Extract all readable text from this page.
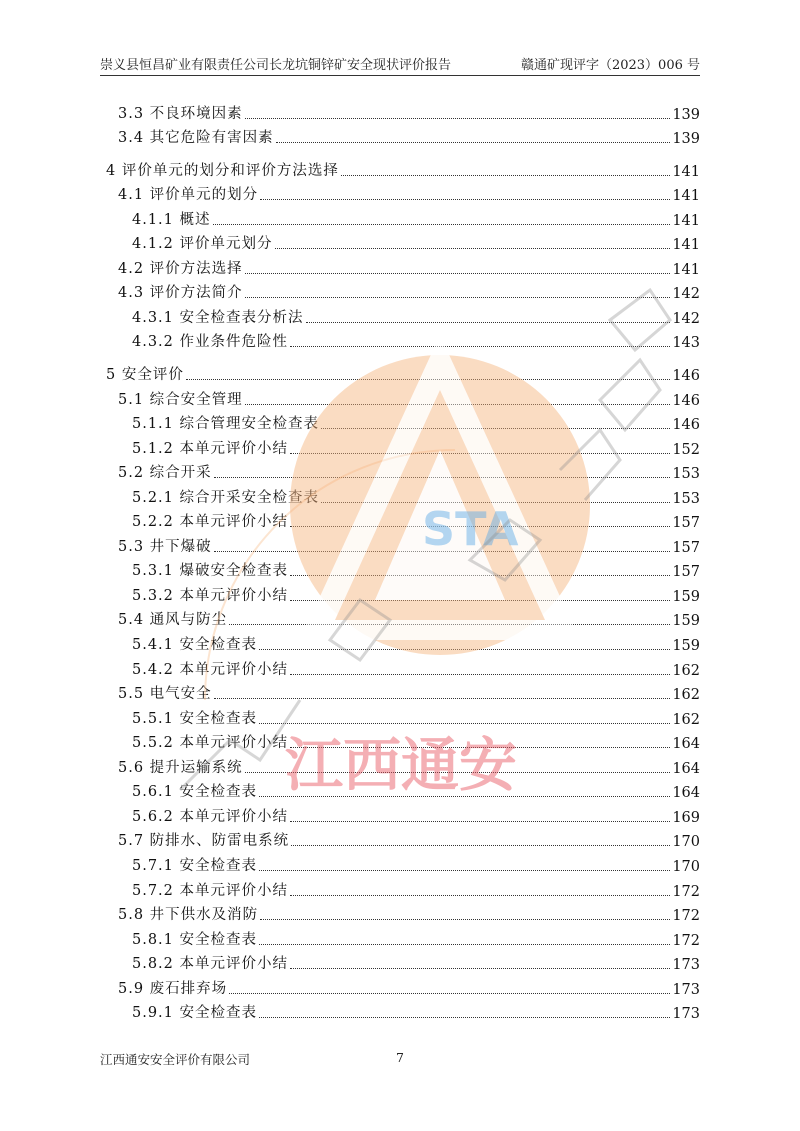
崇义县恒昌矿业有限责任公司长龙坑铜锌矿安全现状评价报告	赣通矿现评字（2023）006 号
3.3 不良环境因素	139
3.4 其它危险有害因素	139
4 评价单元的划分和评价方法选择	141
4.1 评价单元的划分	141
4.1.1 概述	141
4.1.2 评价单元划分	141
4.2 评价方法选择	141
4.3 评价方法简介	142
4.3.1 安全检查表分析法	142
4.3.2 作业条件危险性	143
5 安全评价	146
5.1 综合安全管理	146
5.1.1 综合管理安全检查表	146
5.1.2 本单元评价小结	152
5.2 综合开采	153
5.2.1 综合开采安全检查表	153
5.2.2 本单元评价小结	157
5.3 井下爆破	157
5.3.1 爆破安全检查表	157
5.3.2 本单元评价小结	159
5.4 通风与防尘	159
5.4.1 安全检查表	159
5.4.2 本单元评价小结	162
5.5 电气安全	162
5.5.1 安全检查表	162
5.5.2 本单元评价小结	164
5.6 提升运输系统	164
5.6.1 安全检查表	164
5.6.2 本单元评价小结	169
5.7 防排水、防雷电系统	170
5.7.1 安全检查表	170
5.7.2 本单元评价小结	172
5.8 井下供水及消防	172
5.8.1 安全检查表	172
5.8.2 本单元评价小结	173
5.9 废石排弃场	173
5.9.1 安全检查表	173
江西通安安全评价有限公司	7
STA
江西通安
